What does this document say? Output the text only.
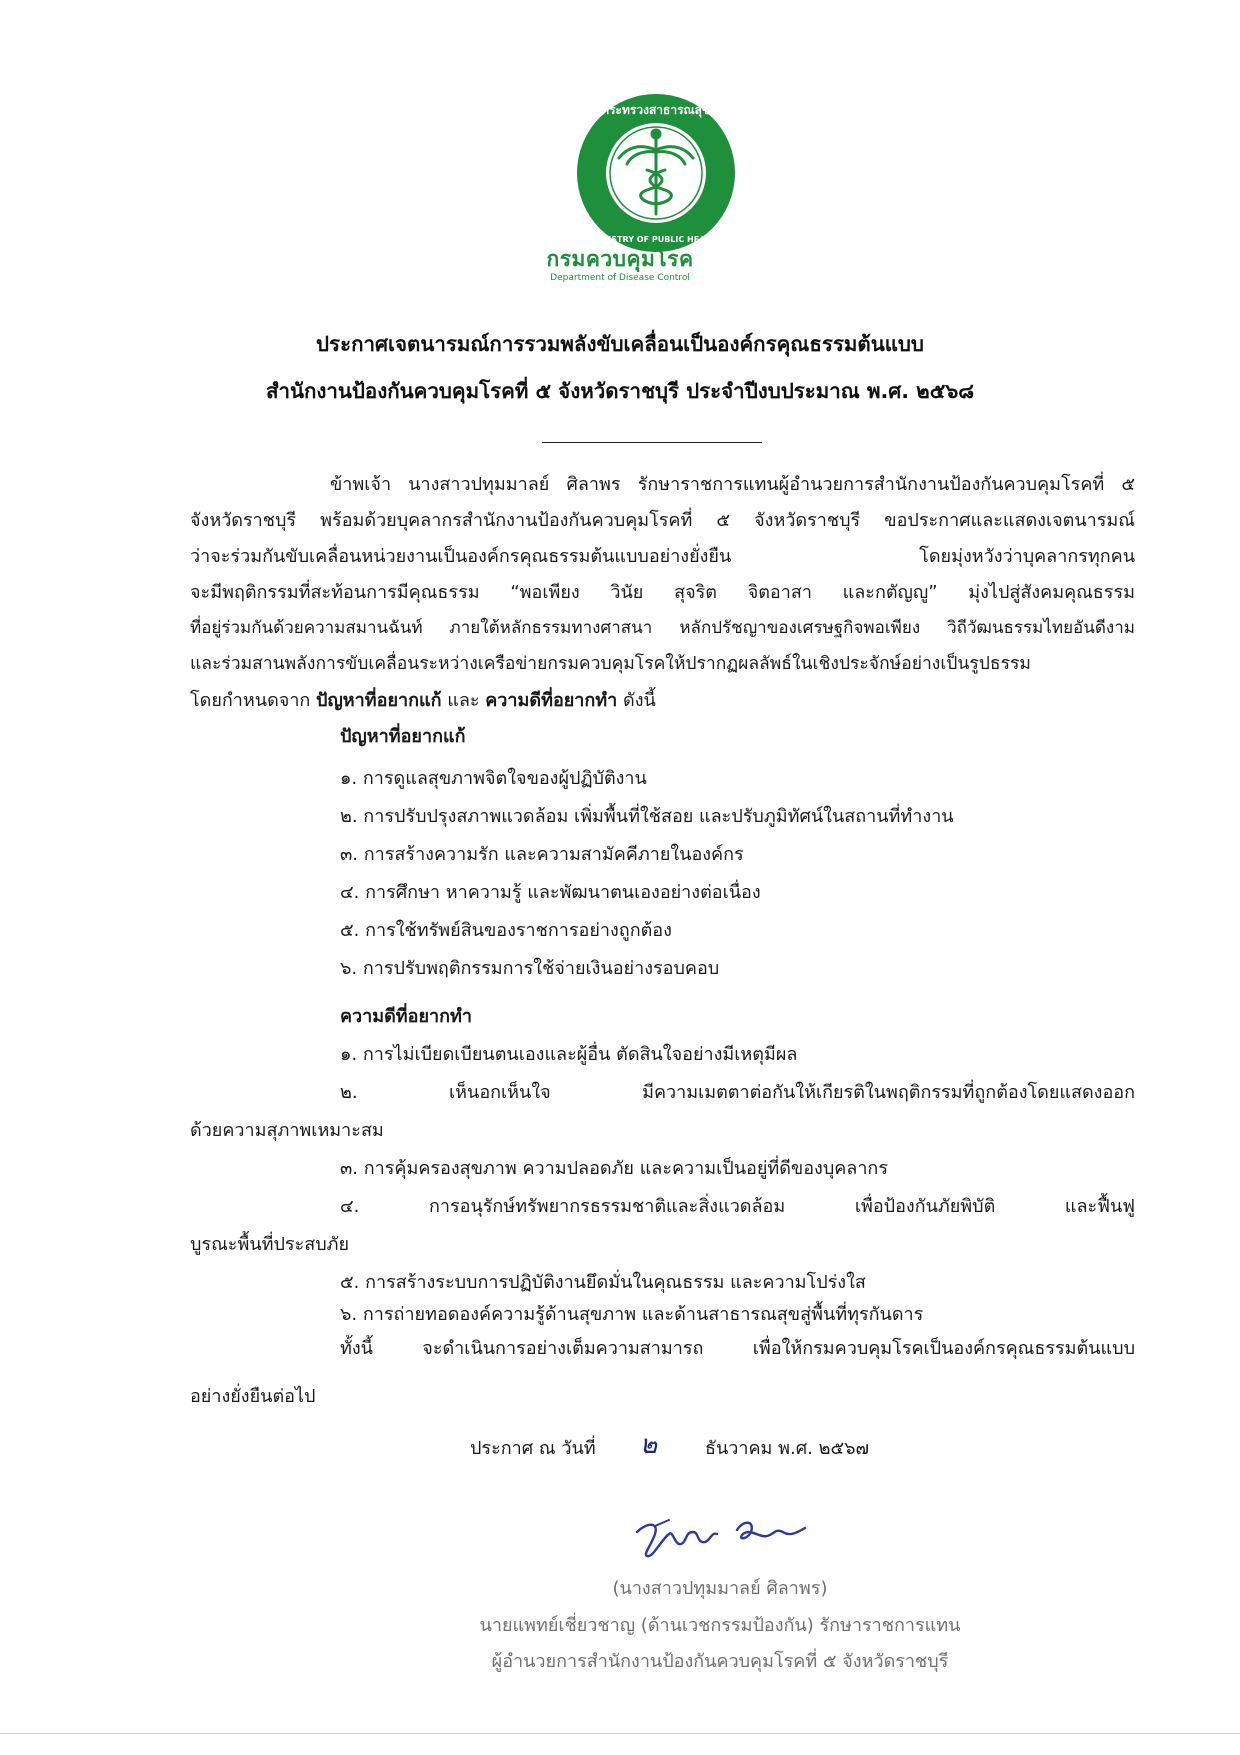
กระทรวงสาธารณสุข
MINISTRY OF PUBLIC HEALTH
กรมควบคุมโรค
Department of Disease Control
ประกาศเจตนารมณ์การรวมพลังขับเคลื่อนเป็นองค์กรคุณธรรมต้นแบบ
สำนักงานป้องกันควบคุมโรคที่ ๕ จังหวัดราชบุรี ประจำปีงบประมาณ พ.ศ. ๒๕๖๘
ข้าพเจ้า นางสาวปทุมมาลย์ ศิลาพร รักษาราชการแทนผู้อำนวยการสำนักงานป้องกันควบคุมโรคที่ ๕
จังหวัดราชบุรี พร้อมด้วยบุคลากรสำนักงานป้องกันควบคุมโรคที่ ๕ จังหวัดราชบุรี ขอประกาศและแสดงเจตนารมณ์
ว่าจะร่วมกันขับเคลื่อนหน่วยงานเป็นองค์กรคุณธรรมต้นแบบอย่างยั่งยืน โดยมุ่งหวังว่าบุคลากรทุกคน
จะมีพฤติกรรมที่สะท้อนการมีคุณธรรม “พอเพียง วินัย สุจริต จิตอาสา และกตัญญู” มุ่งไปสู่สังคมคุณธรรม
ที่อยู่ร่วมกันด้วยความสมานฉันท์ ภายใต้หลักธรรมทางศาสนา หลักปรัชญาของเศรษฐกิจพอเพียง วิถีวัฒนธรรมไทยอันดีงาม
และร่วมสานพลังการขับเคลื่อนระหว่างเครือข่ายกรมควบคุมโรคให้ปรากฏผลลัพธ์ในเชิงประจักษ์อย่างเป็นรูปธรรม
โดยกำหนดจาก ปัญหาที่อยากแก้ และ ความดีที่อยากทำ ดังนี้
ปัญหาที่อยากแก้
๑. การดูแลสุขภาพจิตใจของผู้ปฏิบัติงาน
๒. การปรับปรุงสภาพแวดล้อม เพิ่มพื้นที่ใช้สอย และปรับภูมิทัศน์ในสถานที่ทำงาน
๓. การสร้างความรัก และความสามัคคีภายในองค์กร
๔. การศึกษา หาความรู้ และพัฒนาตนเองอย่างต่อเนื่อง
๕. การใช้ทรัพย์สินของราชการอย่างถูกต้อง
๖. การปรับพฤติกรรมการใช้จ่ายเงินอย่างรอบคอบ
ความดีที่อยากทำ
๑. การไม่เบียดเบียนตนเองและผู้อื่น ตัดสินใจอย่างมีเหตุมีผล
๒. เห็นอกเห็นใจ มีความเมตตาต่อกันให้เกียรติในพฤติกรรมที่ถูกต้องโดยแสดงออก
ด้วยความสุภาพเหมาะสม
๓. การคุ้มครองสุขภาพ ความปลอดภัย และความเป็นอยู่ที่ดีของบุคลากร
๔. การอนุรักษ์ทรัพยากรธรรมชาติและสิ่งแวดล้อม เพื่อป้องกันภัยพิบัติ และฟื้นฟู
บูรณะพื้นที่ประสบภัย
๕. การสร้างระบบการปฏิบัติงานยึดมั่นในคุณธรรม และความโปร่งใส
๖. การถ่ายทอดองค์ความรู้ด้านสุขภาพ และด้านสาธารณสุขสู่พื้นที่ทุรกันดาร
ทั้งนี้ จะดำเนินการอย่างเต็มความสามารถ เพื่อให้กรมควบคุมโรคเป็นองค์กรคุณธรรมต้นแบบ
อย่างยั่งยืนต่อไป
ประกาศ ณ วันที่ ๒	ธันวาคม พ.ศ. ๒๕๖๗
(นางสาวปทุมมาลย์ ศิลาพร)
นายแพทย์เชี่ยวชาญ (ด้านเวชกรรมป้องกัน) รักษาราชการแทน
ผู้อำนวยการสำนักงานป้องกันควบคุมโรคที่ ๕ จังหวัดราชบุรี
